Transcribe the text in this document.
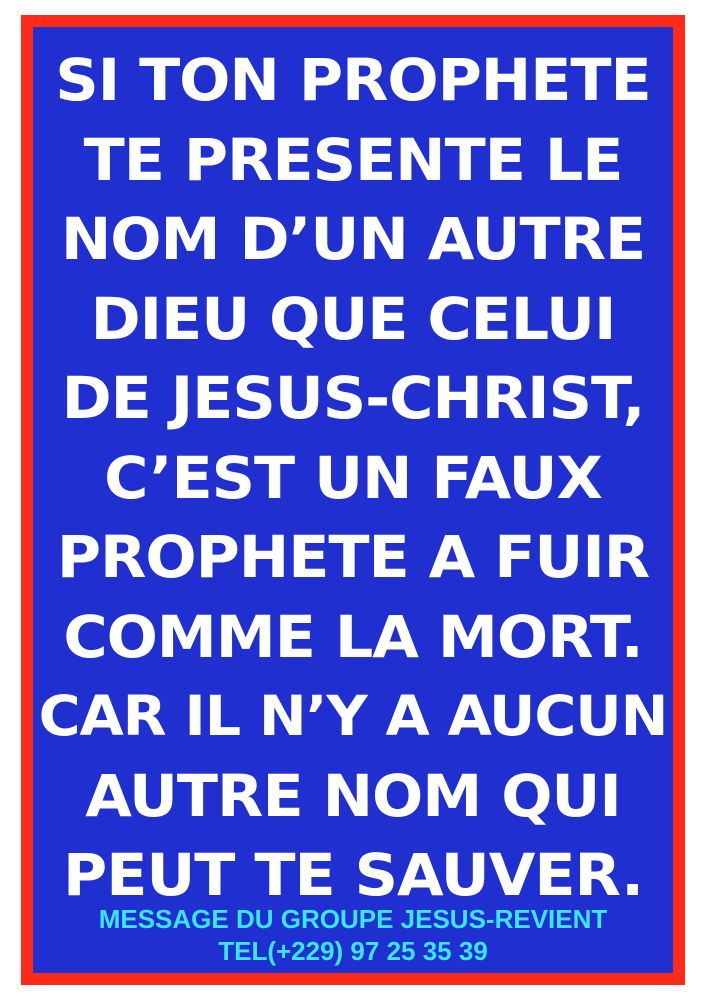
SI TON PROPHETE
TE PRESENTE LE
NOM D’UN AUTRE
DIEU QUE CELUI
DE JESUS-CHRIST,
C’EST UN FAUX
PROPHETE A FUIR
COMME LA MORT.
CAR IL N’Y A AUCUN
AUTRE NOM QUI
PEUT TE SAUVER.
MESSAGE DU GROUPE JESUS-REVIENT
TEL(+229) 97 25 35 39
